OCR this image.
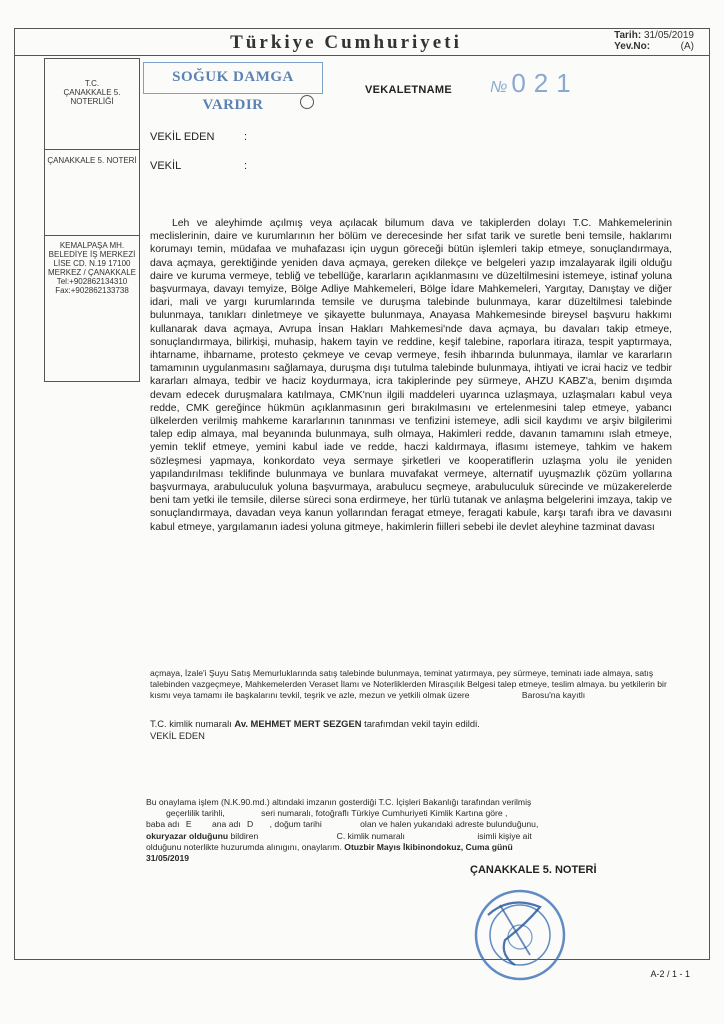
Türkiye Cumhuriyeti	Tarih: 31/05/2019
Yev.No:	(A)
T.C.
ÇANAKKALE 5.
NOTERLİĞİ
ÇANAKKALE 5. NOTERİ
KEMALPAŞA MH.
BELEDİYE İŞ MERKEZİ
LİSE CD. N.19 17100
MERKEZ / ÇANAKKALE
Tel:+902862134310
Fax:+902862133738
SOĞUK DAMGA VARDIR
VEKALETNAME № 021
VEKİL EDEN	:
VEKİL	:

Leh ve aleyhimde açılmış veya açılacak bilumum dava ve takiplerden dolayı T.C. Mahkemelerinin meclislerinin, daire ve kurumlarının her bölüm ve derecesinde her sıfat tarik ve suretle beni temsile, haklarımı korumayı temin, müdafaa ve muhafazası için uygun göreceği bütün işlemleri takip etmeye, sonuçlandırmaya, dava açmaya, gerektiğinde yeniden dava açmaya, gereken dilekçe ve belgeleri yazıp imzalayarak ilgili olduğu daire ve kuruma vermeye, tebliğ ve tebellüğe, kararların açıklanmasını ve düzeltilmesini istemeye, istinaf yoluna başvurmaya, davayı temyize, Bölge Adliye Mahkemeleri, Bölge İdare Mahkemeleri, Yargıtay, Danıştay ve diğer idari, mali ve yargı kurumlarında temsile ve duruşma talebinde bulunmaya, karar düzeltilmesi talebinde bulunmaya, tanıkları dinletmeye ve şikayette bulunmaya, Anayasa Mahkemesinde bireysel başvuru hakkımı kullanarak dava açmaya, Avrupa İnsan Hakları Mahkemesi'nde dava açmaya, bu davaları takip etmeye, sonuçlandırmaya, bilirkişi, muhasip, hakem tayin ve reddine, keşif talebine, raporlara itiraza, tespit yaptırmaya, ihtarname, ihbarname, protesto çekmeye ve cevap vermeye, fesih ihbarında bulunmaya, ilamlar ve kararların tamamının uygulanmasını sağlamaya, duruşma dışı tutulma talebinde bulunmaya, ihtiyati ve icrai haciz ve tedbir kararları almaya, tedbir ve haciz koydurmaya, icra takiplerinde pey sürmeye, AHZU KABZ'a, benim dışımda devam edecek duruşmalara katılmaya, CMK'nun ilgili maddeleri uyarınca uzlaşmaya, uzlaşmaları kabul veya redde, CMK gereğince hükmün açıklanmasının geri bırakılmasını ve ertelenmesini talep etmeye, yabancı ülkelerden verilmiş mahkeme kararlarının tanınması ve tenfizini istemeye, adli sicil kaydımı ve arşiv bilgilerimi talep edip almaya, mal beyanında bulunmaya, sulh olmaya, Hakimleri redde, davanın tamamını ıslah etmeye, yemin teklif etmeye, yemini kabul iade ve redde, haczi kaldırmaya, iflasımı istemeye, tahkim ve hakem sözleşmesi yapmaya, konkordato veya sermaye şirketleri ve kooperatiflerin uzlaşma yolu ile yeniden yapılandırılması teklifinde bulunmaya ve bunlara muvafakat vermeye, alternatif uyuşmazlık çözüm yollarına başvurmaya, arabuluculuk yoluna başvurmaya, arabulucu seçmeye, arabuluculuk sürecinde ve müzakerelerde beni tam yetki ile temsile, dilerse süreci sona erdirmeye, her türlü tutanak ve anlaşma belgelerini imzaya, takip ve sonuçlandırmaya, davadan veya kanun yollarından feragat etmeye, feragati kabule, karşı tarafı ibra ve davasını kabul etmeye, yargılamanın iadesi yoluna gitmeye, hakimlerin fiilleri sebebi ile devlet aleyhine tazminat davası

açmaya, İzale'i Şuyu Satış Memurluklarında satış talebinde bulunmaya, teminat yatırmaya, pey sürmeye, teminatı iade almaya, satış talebinden vazgeçmeye, Mahkemelerden Veraset İlamı ve Noterliklerden Mirasçılık Belgesi talep etmeye, teslim almaya. bu yetkilerin bir kısmı veya tamamı ile başkalarını tevkil, teşrik ve azle, mezun ve yetkili olmak üzere	Barosu'na kayıtlı
T.C. kimlik numaralı Av. MEHMET MERT SEZGEN tarafımdan vekil tayin edildi.
VEKİL EDEN
Bu onaylama işlem (N.K.90.md.) altındaki imzanın gosterdiği T.C. İçişleri Bakanlığı tarafından verilmiş
geçerlilik tarihli,	seri numaralı, fotoğraflı Türkiye Cumhuriyeti Kimlik Kartına göre ,
baba adı E ana adı D , doğum tarihi	olan ve halen yukarıdaki adreste bulunduğunu,
okuryazar olduğunu bildiren	C. kimlik numaralı	isimli kişiye ait
olduğunu noterlikte huzurumda alınıgını, onaylarım. Otuzbir Mayıs İkibinondokuz, Cuma günü
31/05/2019
ÇANAKKALE 5. NOTERİ
A-2 / 1 - 1
